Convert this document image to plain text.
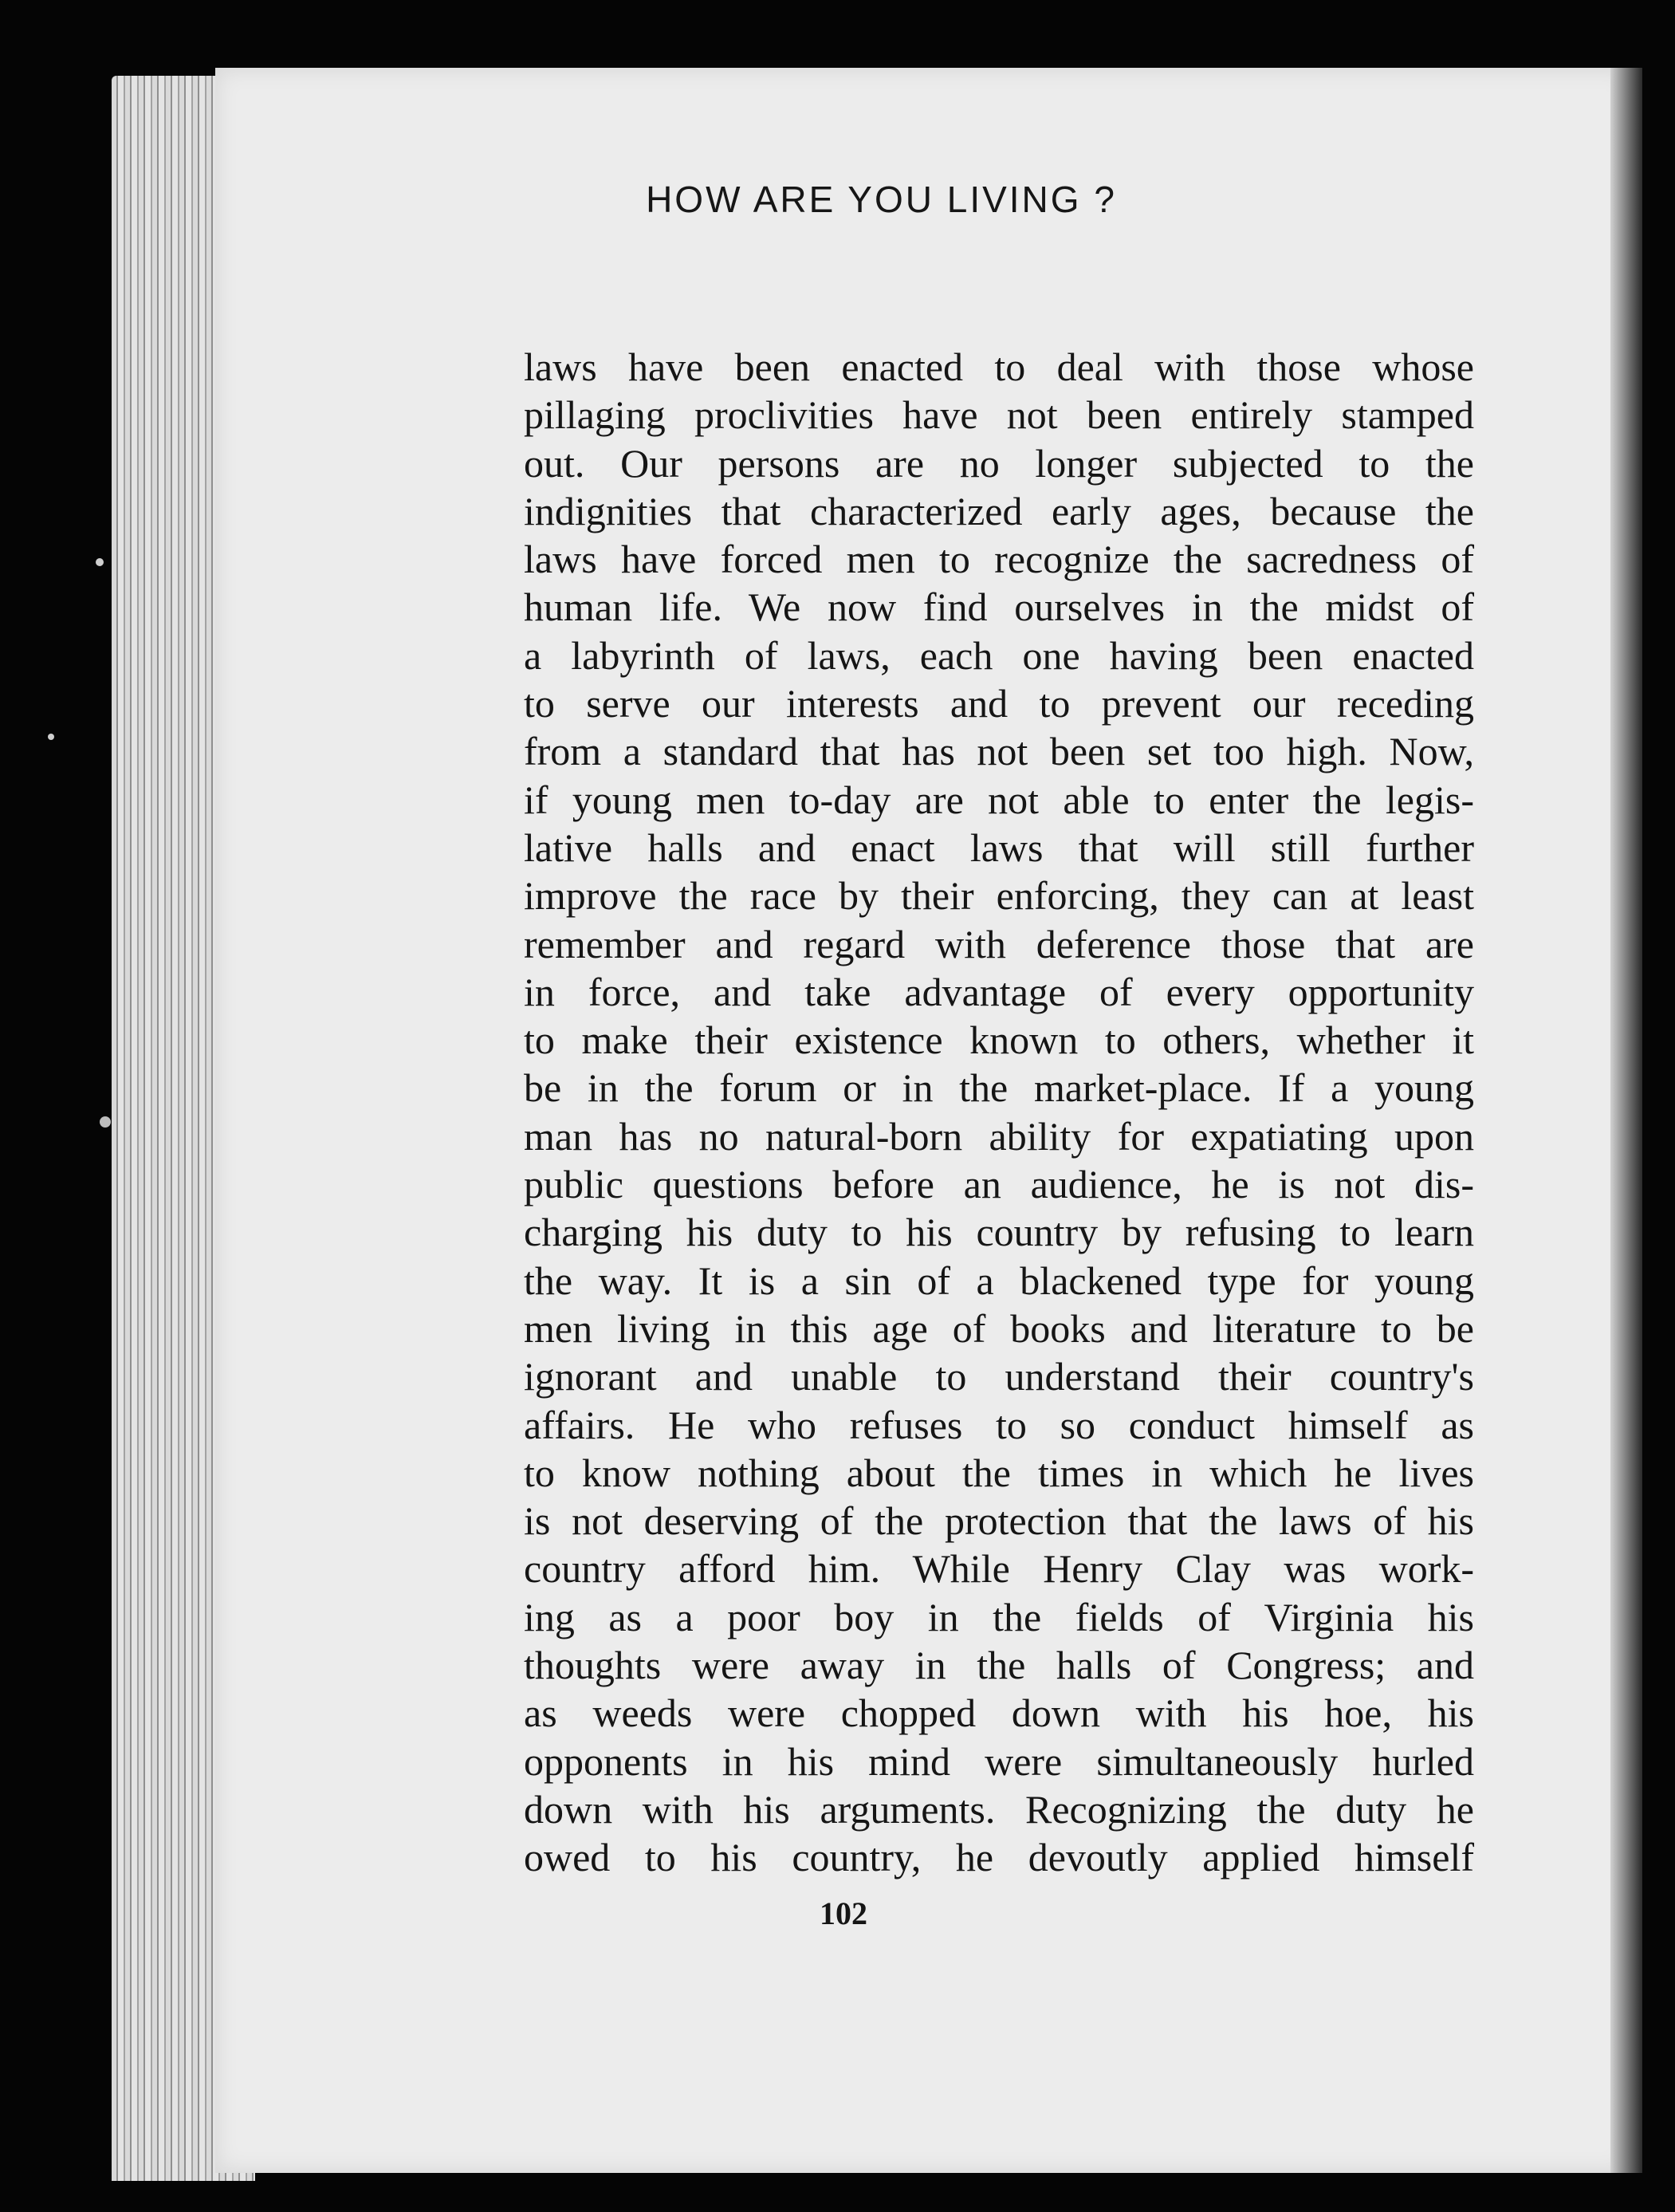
HOW ARE YOU LIVING ?
laws have been enacted to deal with those whose
pillaging proclivities have not been entirely stamped
out. Our persons are no longer subjected to the
indignities that characterized early ages, because the
laws have forced men to recognize the sacredness of
human life. We now find ourselves in the midst of
a labyrinth of laws, each one having been enacted
to serve our interests and to prevent our receding
from a standard that has not been set too high. Now,
if young men to-day are not able to enter the legis-
lative halls and enact laws that will still further
improve the race by their enforcing, they can at least
remember and regard with deference those that are
in force, and take advantage of every opportunity
to make their existence known to others, whether it
be in the forum or in the market-place. If a young
man has no natural-born ability for expatiating upon
public questions before an audience, he is not dis-
charging his duty to his country by refusing to learn
the way. It is a sin of a blackened type for young
men living in this age of books and literature to be
ignorant and unable to understand their country's
affairs. He who refuses to so conduct himself as
to know nothing about the times in which he lives
is not deserving of the protection that the laws of his
country afford him. While Henry Clay was work-
ing as a poor boy in the fields of Virginia his
thoughts were away in the halls of Congress; and
as weeds were chopped down with his hoe, his
opponents in his mind were simultaneously hurled
down with his arguments. Recognizing the duty he
owed to his country, he devoutly applied himself
102
